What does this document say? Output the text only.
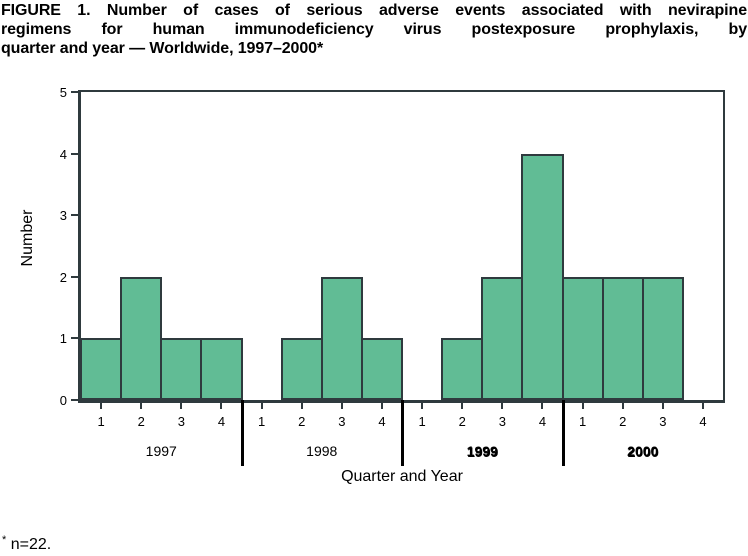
FIGURE 1. Number of cases of serious adverse events associated with nevirapine
regimens for human immunodeficiency virus postexposure prophylaxis, by
quarter and year — Worldwide, 1997–2000*
Number
0
1
2
3
4
5
1	2	3	4
1997
1	2	3	4
1998
1	2	3	4
1999
1	2	3	4
2000
Quarter and Year
* n=22.
